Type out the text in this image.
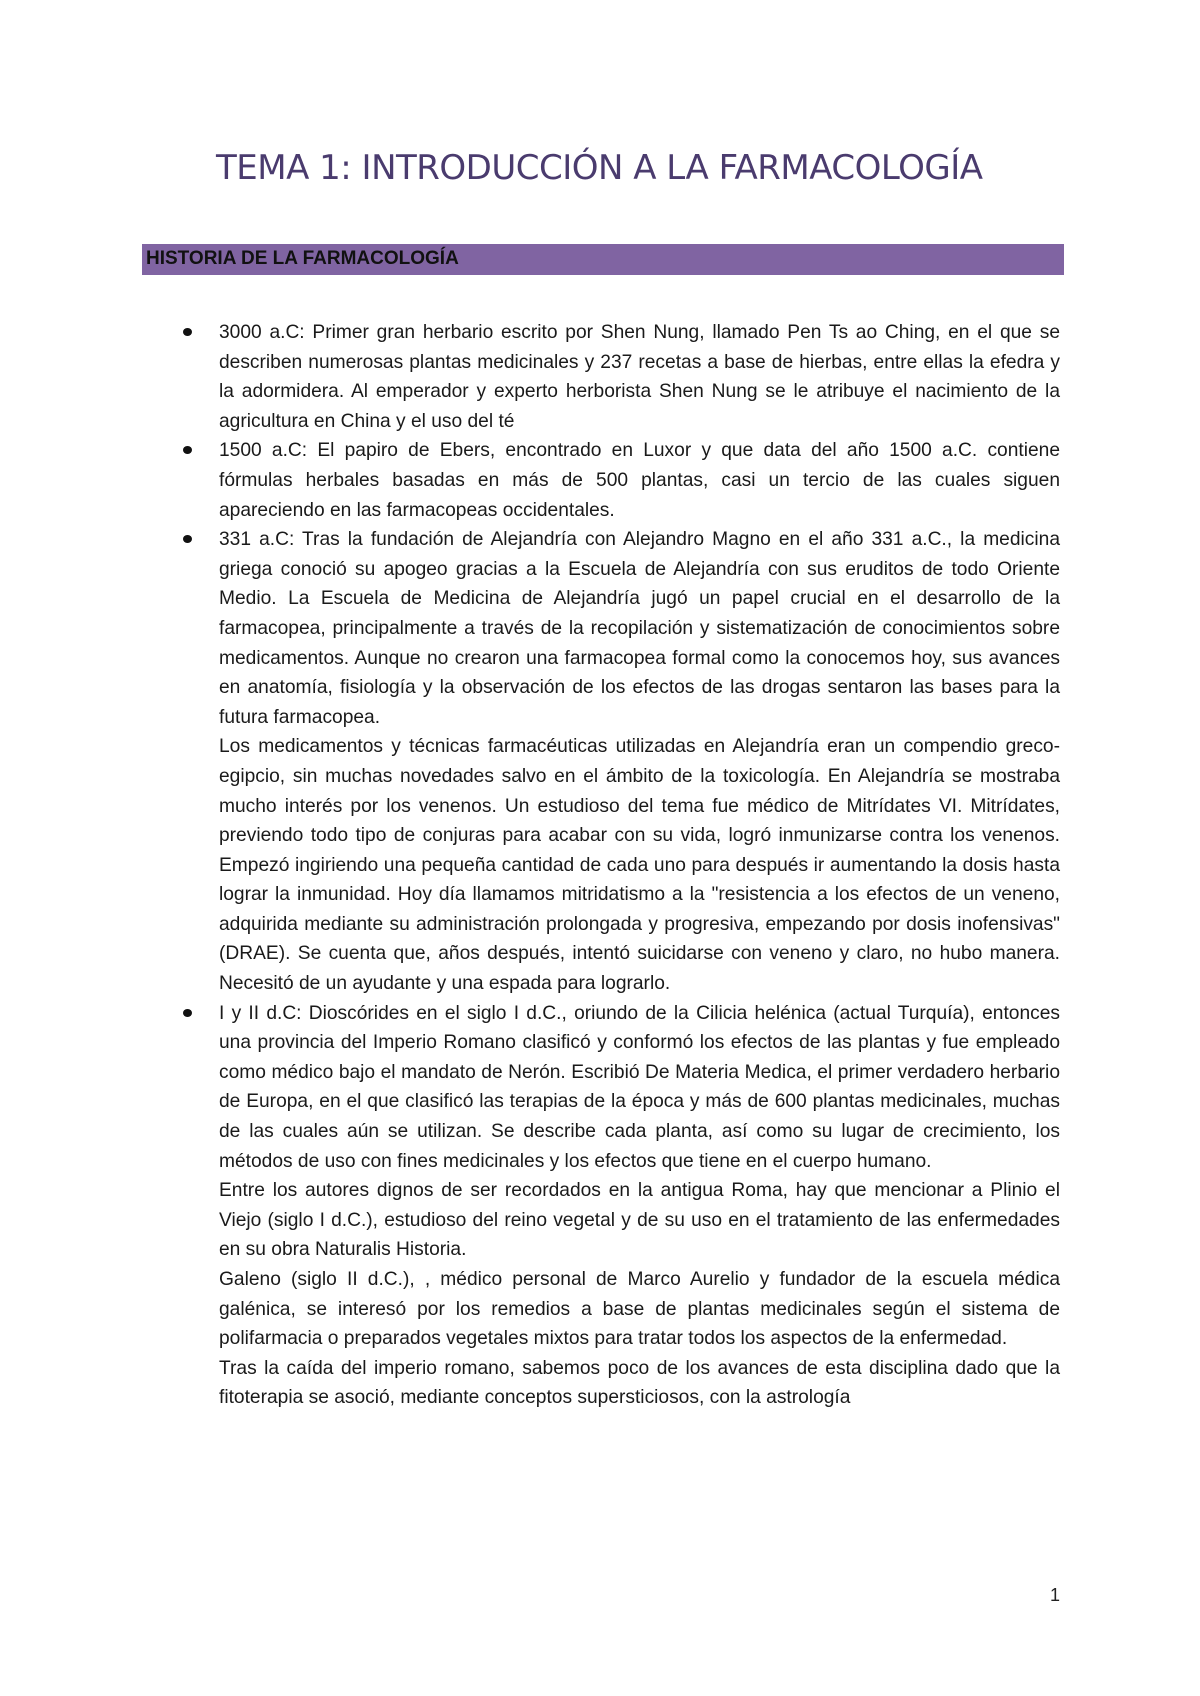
TEMA 1: INTRODUCCIÓN A LA FARMACOLOGÍA
HISTORIA DE LA FARMACOLOGÍA

3000 a.C: Primer gran herbario escrito por Shen Nung, llamado Pen Ts ao Ching, en el que se describen numerosas plantas medicinales y 237 recetas a base de hierbas, entre ellas la efedra y la adormidera. Al emperador y experto herborista Shen Nung se le atribuye el nacimiento de la agricultura en China y el uso del té

1500 a.C: El papiro de Ebers, encontrado en Luxor y que data del año 1500 a.C. contiene fórmulas herbales basadas en más de 500 plantas, casi un tercio de las cuales siguen apareciendo en las farmacopeas occidentales.

331 a.C: Tras la fundación de Alejandría con Alejandro Magno en el año 331 a.C., la medicina griega conoció su apogeo gracias a la Escuela de Alejandría con sus eruditos de todo Oriente Medio. La Escuela de Medicina de Alejandría jugó un papel crucial en el desarrollo de la farmacopea, principalmente a través de la recopilación y sistematización de conocimientos sobre medicamentos. Aunque no crearon una farmacopea formal como la conocemos hoy, sus avances en anatomía, fisiología y la observación de los efectos de las drogas sentaron las bases para la futura farmacopea.

Los medicamentos y técnicas farmacéuticas utilizadas en Alejandría eran un compendio greco-egipcio, sin muchas novedades salvo en el ámbito de la toxicología. En Alejandría se mostraba mucho interés por los venenos. Un estudioso del tema fue médico de Mitrídates VI. Mitrídates, previendo todo tipo de conjuras para acabar con su vida, logró inmunizarse contra los venenos. Empezó ingiriendo una pequeña cantidad de cada uno para después ir aumentando la dosis hasta lograr la inmunidad. Hoy día llamamos mitridatismo a la "resistencia a los efectos de un veneno, adquirida mediante su administración prolongada y progresiva, empezando por dosis inofensivas" (DRAE). Se cuenta que, años después, intentó suicidarse con veneno y claro, no hubo manera. Necesitó de un ayudante y una espada para lograrlo.

I y II d.C: Dioscórides en el siglo I d.C., oriundo de la Cilicia helénica (actual Turquía), entonces una provincia del Imperio Romano clasificó y conformó los efectos de las plantas y fue empleado como médico bajo el mandato de Nerón. Escribió De Materia Medica, el primer verdadero herbario de Europa, en el que clasificó las terapias de la época y más de 600 plantas medicinales, muchas de las cuales aún se utilizan. Se describe cada planta, así como su lugar de crecimiento, los métodos de uso con fines medicinales y los efectos que tiene en el cuerpo humano.

Entre los autores dignos de ser recordados en la antigua Roma, hay que mencionar a Plinio el Viejo (siglo I d.C.), estudioso del reino vegetal y de su uso en el tratamiento de las enfermedades en su obra Naturalis Historia.

Galeno (siglo II d.C.), , médico personal de Marco Aurelio y fundador de la escuela médica galénica, se interesó por los remedios a base de plantas medicinales según el sistema de polifarmacia o preparados vegetales mixtos para tratar todos los aspectos de la enfermedad.

Tras la caída del imperio romano, sabemos poco de los avances de esta disciplina dado que la fitoterapia se asoció, mediante conceptos supersticiosos, con la astrología

1
